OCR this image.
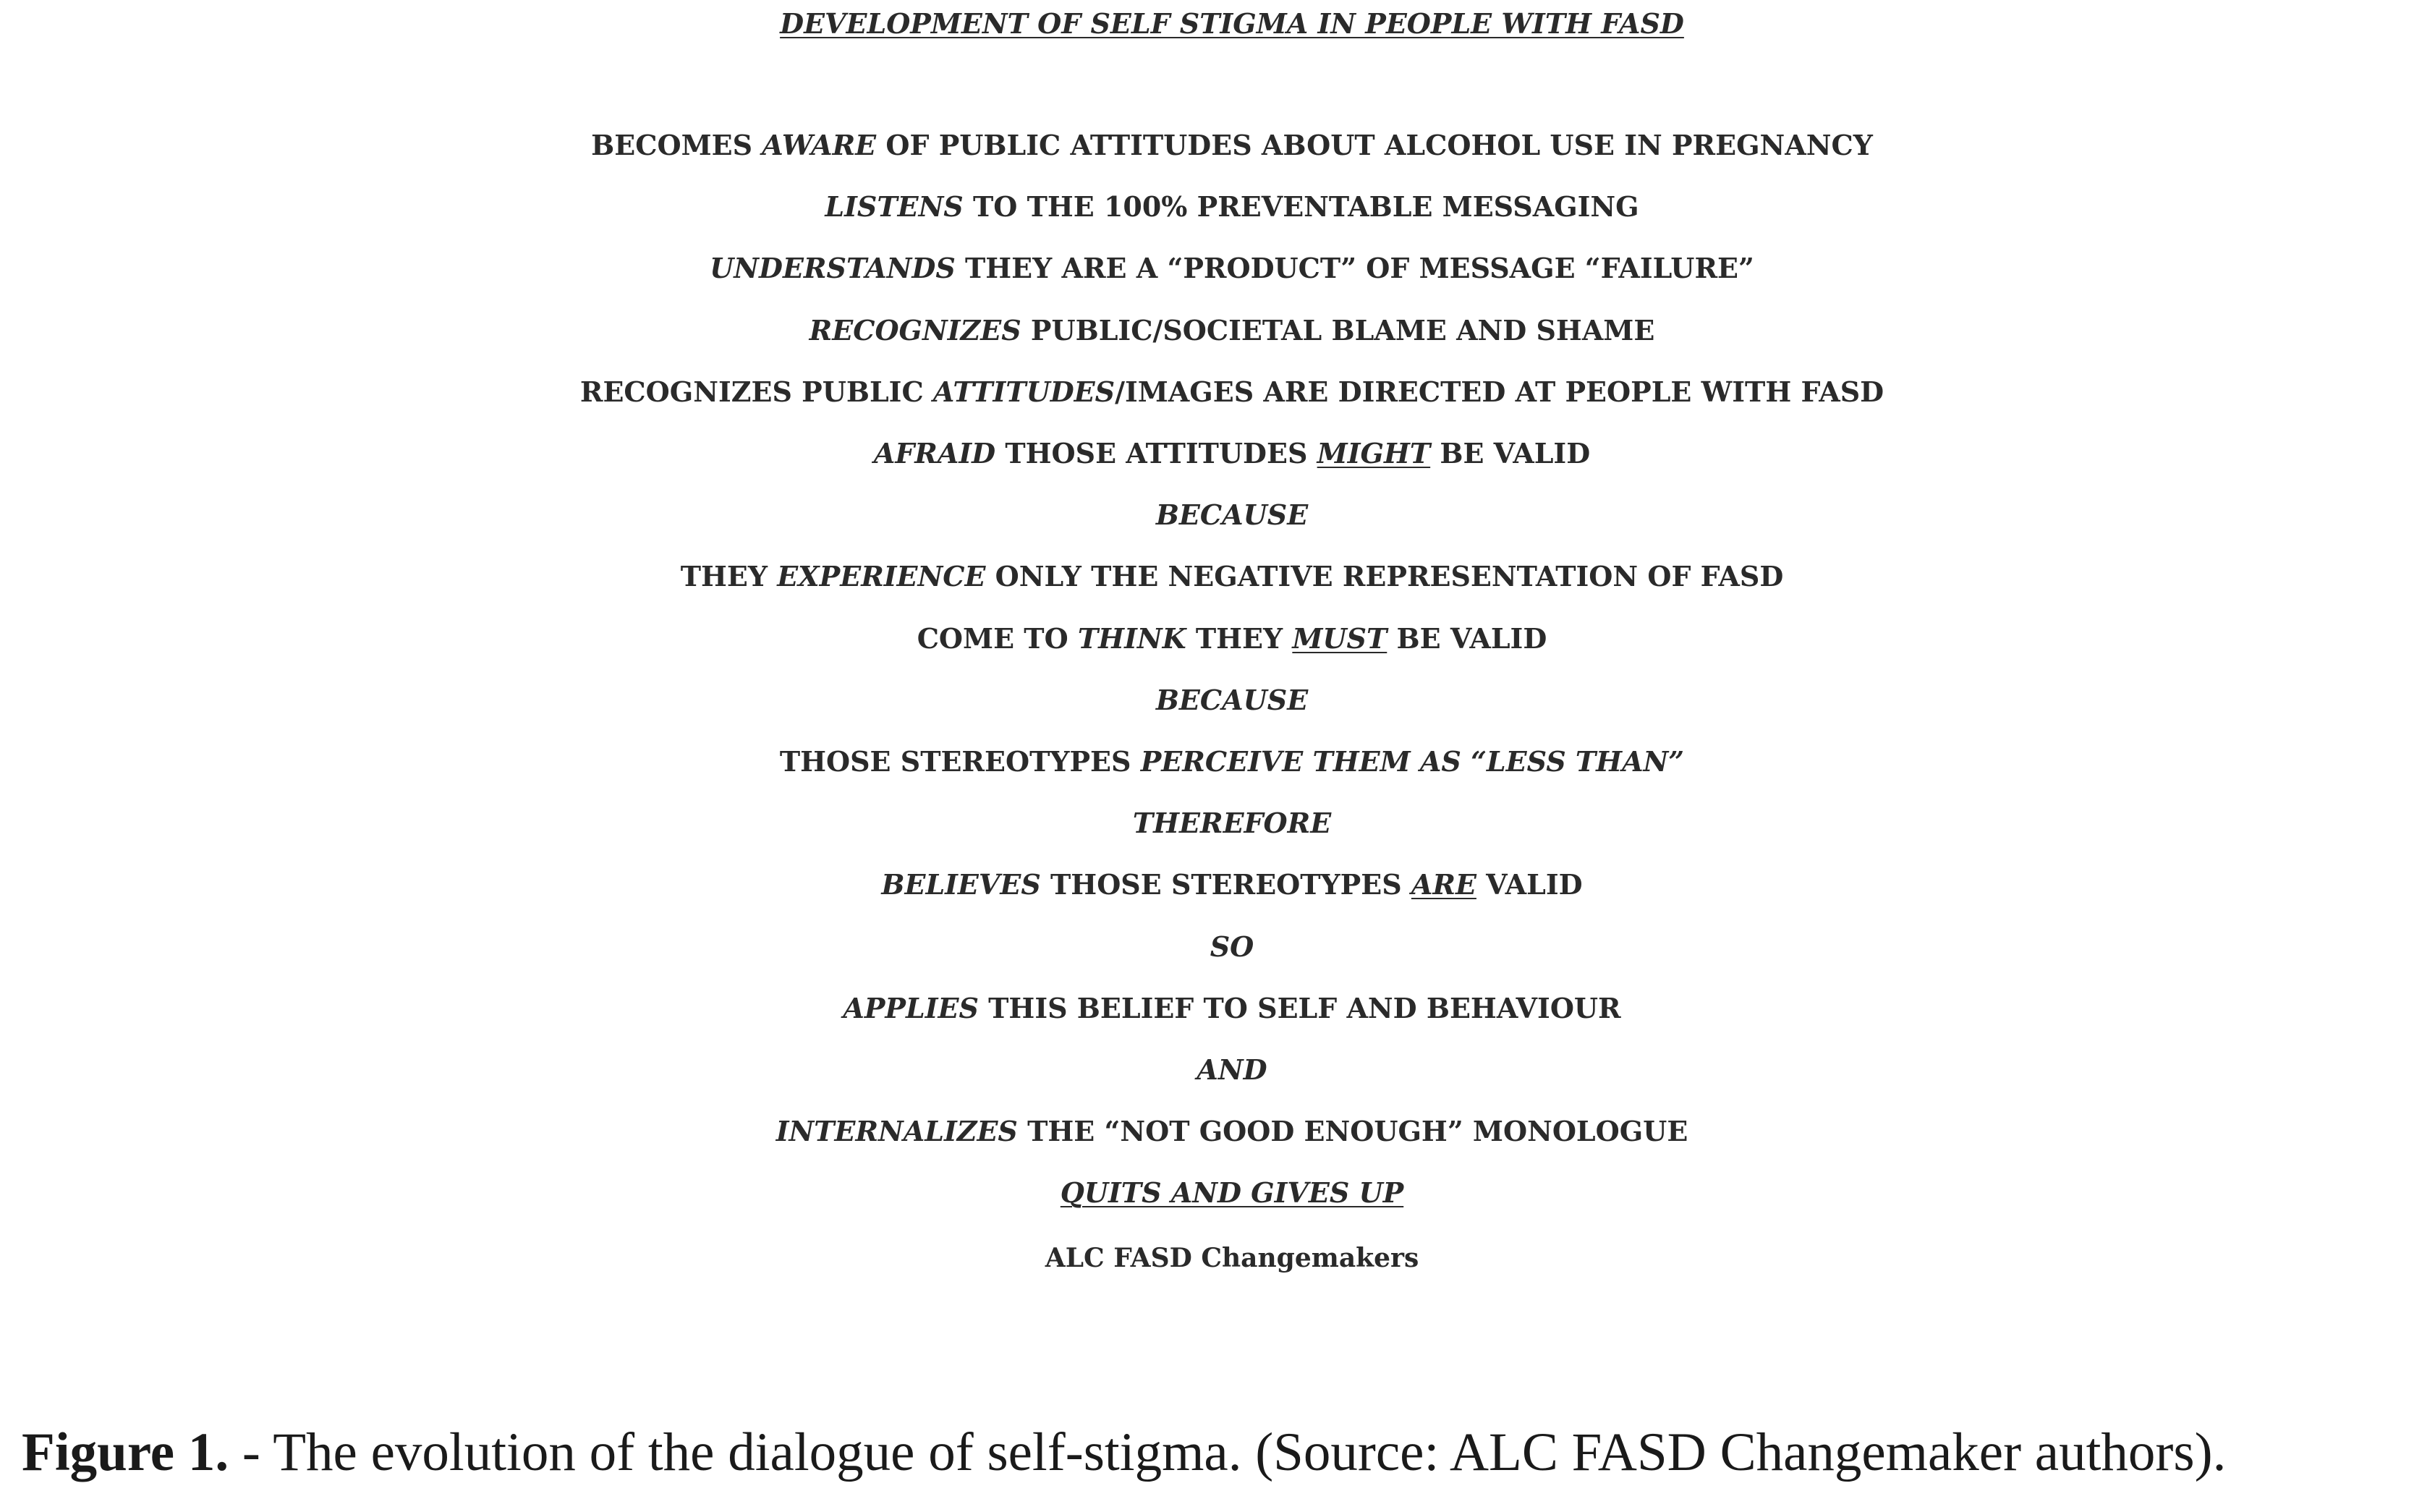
DEVELOPMENT OF SELF STIGMA IN PEOPLE WITH FASD
BECOMES AWARE OF PUBLIC ATTITUDES ABOUT ALCOHOL USE IN PREGNANCY
LISTENS TO THE 100% PREVENTABLE MESSAGING
UNDERSTANDS THEY ARE A “PRODUCT” OF MESSAGE “FAILURE”
RECOGNIZES PUBLIC/SOCIETAL BLAME AND SHAME
RECOGNIZES PUBLIC ATTITUDES/IMAGES ARE DIRECTED AT PEOPLE WITH FASD
AFRAID THOSE ATTITUDES MIGHT BE VALID
BECAUSE
THEY EXPERIENCE ONLY THE NEGATIVE REPRESENTATION OF FASD
COME TO THINK THEY MUST BE VALID
BECAUSE
THOSE STEREOTYPES PERCEIVE THEM AS “LESS THAN”
THEREFORE
BELIEVES THOSE STEREOTYPES ARE VALID
SO
APPLIES THIS BELIEF TO SELF AND BEHAVIOUR
AND
INTERNALIZES THE “NOT GOOD ENOUGH” MONOLOGUE
QUITS AND GIVES UP
ALC FASD Changemakers
Figure 1. - The evolution of the dialogue of self-stigma. (Source: ALC FASD Changemaker authors).
